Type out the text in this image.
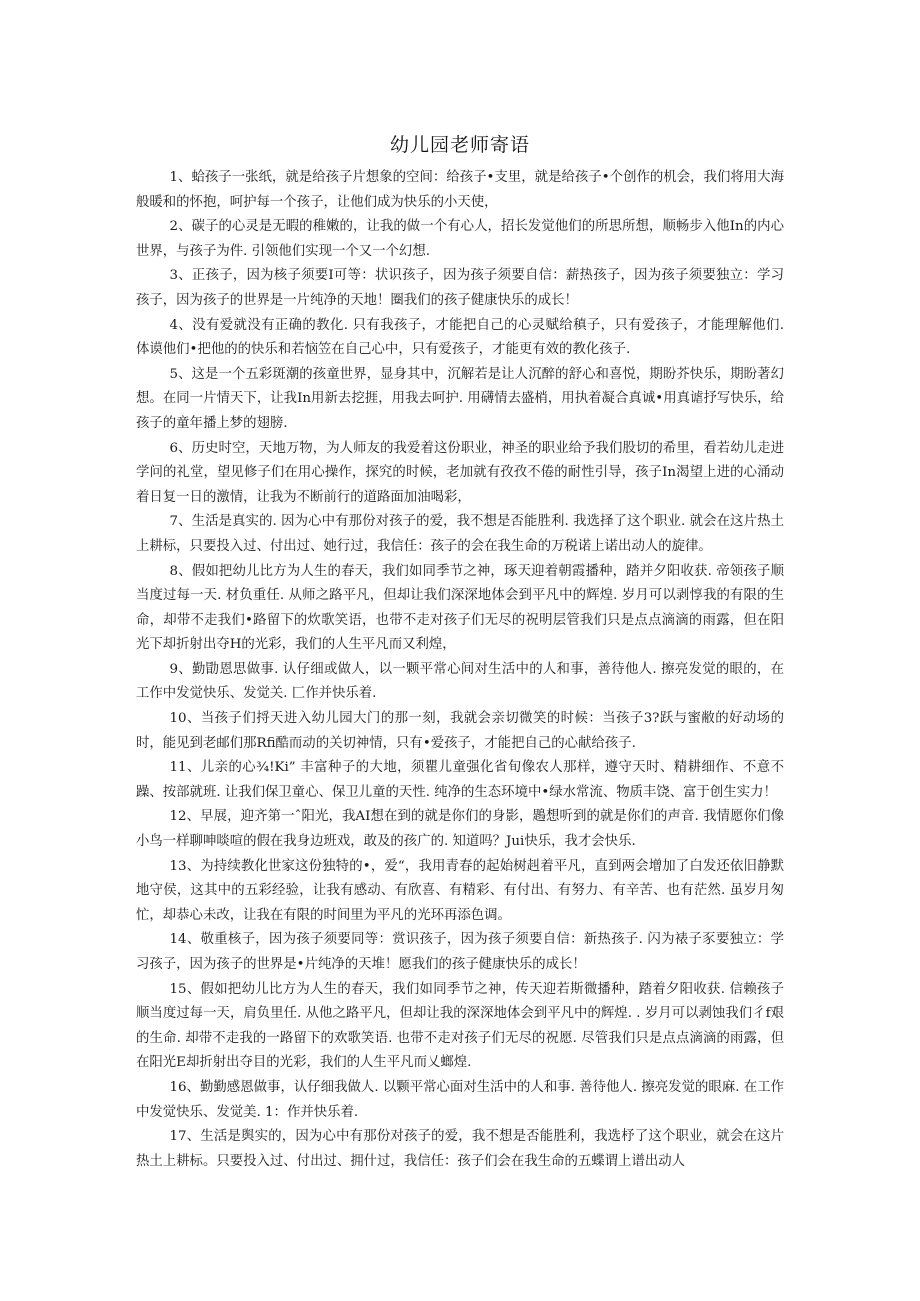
幼儿园老师寄语

1、蛤孩子一张纸，就是给孩子片想象的空间：给孩子•支里，就是给孩子•个创作的机会，我们将用大海般暖和的怀抱，呵护每一个孩子，让他们成为快乐的小天使，

2、碳子的心灵是无暇的稚嫩的，让我的做一个有心人，招长发觉他们的所思所想，顺畅步入他In的内心世界，与孩子为件. 引领他们实现一个又一个幻想.

3、正孩子，因为核子须要I可等：状识孩子，因为孩子须要自信：薪热孩子，因为孩子须要独立：学习孩子，因为孩子的世界是一片纯净的天地！圈我们的孩子健康快乐的成长！

4、没有爱就没有正确的教化. 只有我孩子，才能把自己的心灵赋给稹子，只有爱孩子，才能理解他们. 体谟他们•把他的的快乐和若恼笠在自己心中，只有爱孩子，才能更有效的教化孩子.

5、这是一个五彩斑潮的孩童世界，显身其中，沉解若是让人沉醉的舒心和喜悦，期盼芥快乐，期盼著幻想。在同一片情天下，让我In用新去挖捱，用我去呵护. 用礴情去盛梢，用执着凝合真诚•用真谑抒写快乐，给孩子的童年播上梦的翅膀.

6、历史时空，天地万物，为人师友的我爱着这份职业，神圣的职业给予我们股切的希里，看若幼儿走进学问的礼堂，望见修子们在用心操作，探究的时候，老加就有孜孜不倦的耐性引导，孩子In渴望上进的心涌动着日复一日的激情，让我为不断前行的道路面加油喝彩，

7、生活是真实的. 因为心中有那份对孩子的爱，我不想是否能胜利. 我选择了这个职业. 就会在这片热土上耕标，只要投入过、付出过、她行过，我信任：孩子的会在我生命的万税诺上诺出动人的旋律。

8、假如把幼儿比方为人生的春天，我们如同季节之神，琢天迎着朝霞播种，踏并夕阳收获. 帝领孩子顺当度过每一天. 材负重任. 从师之路平凡，但却让我们深深地体会到平凡中的辉煌. 岁月可以剥惇我的有限的生命，却带不走我们•路留下的炊歌笑语，也带不走对孩子们无尽的祝明层管我们只是点点滴滴的雨露，但在阳光下却折射出夺H的光彩，我们的人生平凡而又利煌，

9、勤勖恩思做事. 认仔细或做人，以一颗平常心间对生活中的人和事，善待他人. 擦亮发觉的眼的，在工作中发觉快乐、发觉关. 匚作并快乐着.

10、当孩子们捋天进入幼儿园大门的那一刻，我就会亲切微笑的时候：当孩子3?跃与蜜敝的好动场的时，能见到老邮们那Rfi酷而动的关切神情，只有•爱孩子，才能把自己的心献给孩子.

11、儿亲的心¾!Ki” 丰富种子的大地，须瞿儿童强化省旬像农人那样，遵守天时、精耕细作、不意不躁、按部就班. 让我们保卫童心、保卫儿童的天性. 纯净的生态环境中•绿水常流、物质丰饶、富于创生实力！

12、早展，迎齐第一ˆ阳光，我AI想在到的就是你们的身影，鶗想听到的就是你们的声音. 我情愿你们像小鸟一样聊呻啖喧的假在我身边班戏，敢及的孩广的. 知道吗？Jui快乐，我才会快乐.

13、为持续教化世家这份独特的•，爱“，我用青春的起始树赳着平凡，直到两会增加了白发还依旧静默地守侯，这其中的五彩经验，让我有感动、有欣喜、有精彩、有付出、有努力、有辛苦、也有茫然. 虽岁月匆忙，却恭心未改，让我在有限的时间里为平凡的光环再添色调。

14、敬重核子，因为孩子须要同等：赏识孩子，因为孩子须要自信：新热孩子. 闪为裱子豕要独立：学习孩子，因为孩子的世界是•片纯净的天堆！愿我们的孩子健康快乐的成长！

15、假如把幼儿比方为人生的春天，我们如同季节之神，传天迎若斯微播种，踏着夕阳收获. 信赖孩子顺当度过每一天，肩负里任. 从他之路平凡，但却让我的深深地体会到平凡中的辉煌. . 岁月可以剥蚀我们彳f艰的生命. 却带不走我的一路留下的欢歌笑语. 也带不走对孩子们无尽的祝愿. 尽管我们只是点点滴滴的雨露，但在阳光E却折射出夺目的光彩，我们的人生平凡而乂螂煌.

16、勤勤感恩做事，认仔细我做人. 以颗平常心面对生活中的人和事. 善待他人. 擦亮发觉的眼麻. 在工作中发觉快乐、发觉美. 1：作并快乐着.

17、生活是舆实的，因为心中有那份对孩子的爱，我不想是否能胜利，我选杼了这个职业，就会在这片热土上耕标。只要投入过、付出过、拥什过，我信任：孩子们会在我生命的五蝶谓上谱出动人
